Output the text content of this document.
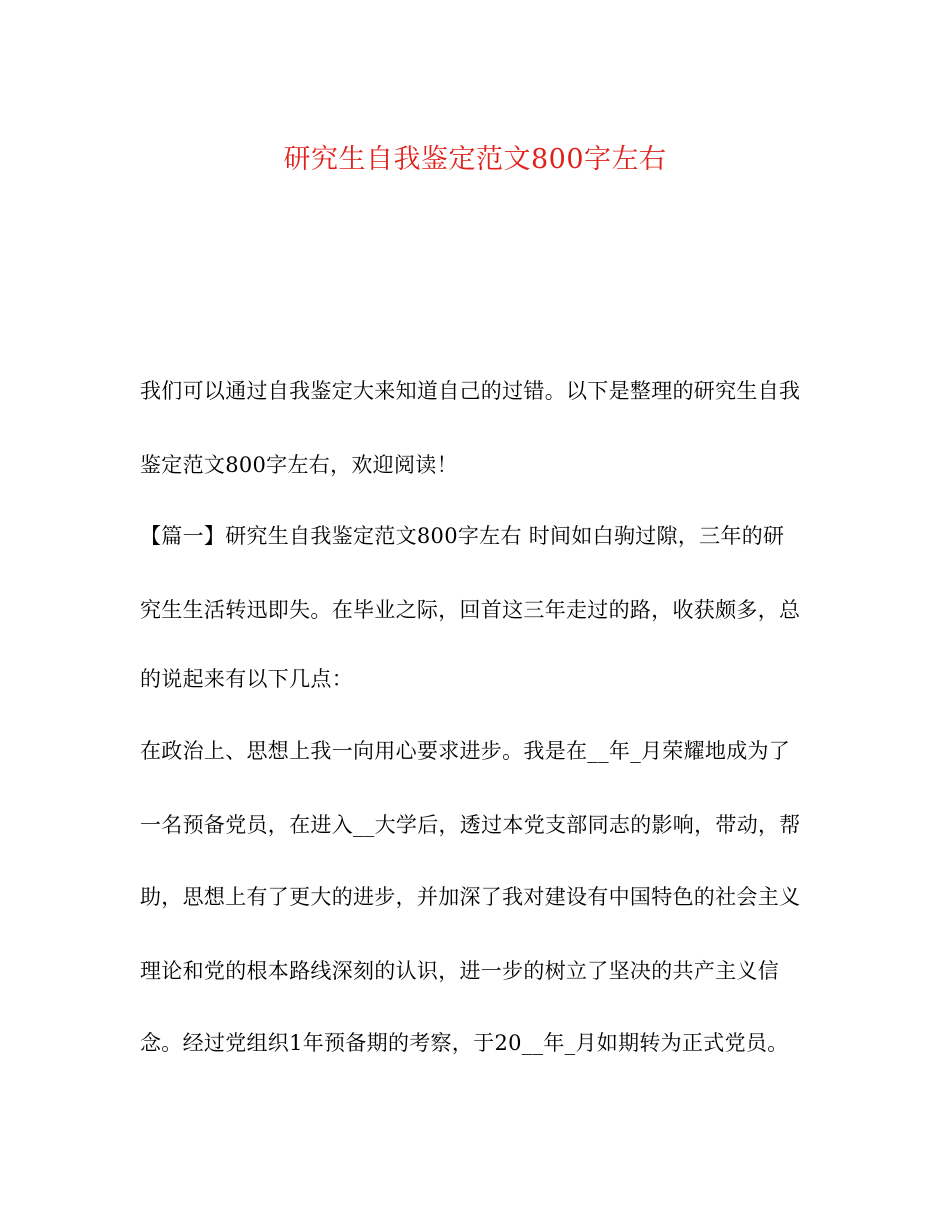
研究生自我鉴定范文800字左右

我们可以通过自我鉴定大来知道自己的过错。以下是整理的研究生自我

鉴定范文800字左右，欢迎阅读！

【篇一】研究生自我鉴定范文800字左右 时间如白驹过隙，三年的研

究生生活转迅即失。在毕业之际，回首这三年走过的路，收获颇多，总

的说起来有以下几点：

在政治上、思想上我一向用心要求进步。我是在__年_月荣耀地成为了

一名预备党员，在进入__大学后，透过本党支部同志的影响，带动，帮

助，思想上有了更大的进步，并加深了我对建设有中国特色的社会主义

理论和党的根本路线深刻的认识，进一步的树立了坚决的共产主义信

念。经过党组织1年预备期的考察，于20__年_月如期转为正式党员。
